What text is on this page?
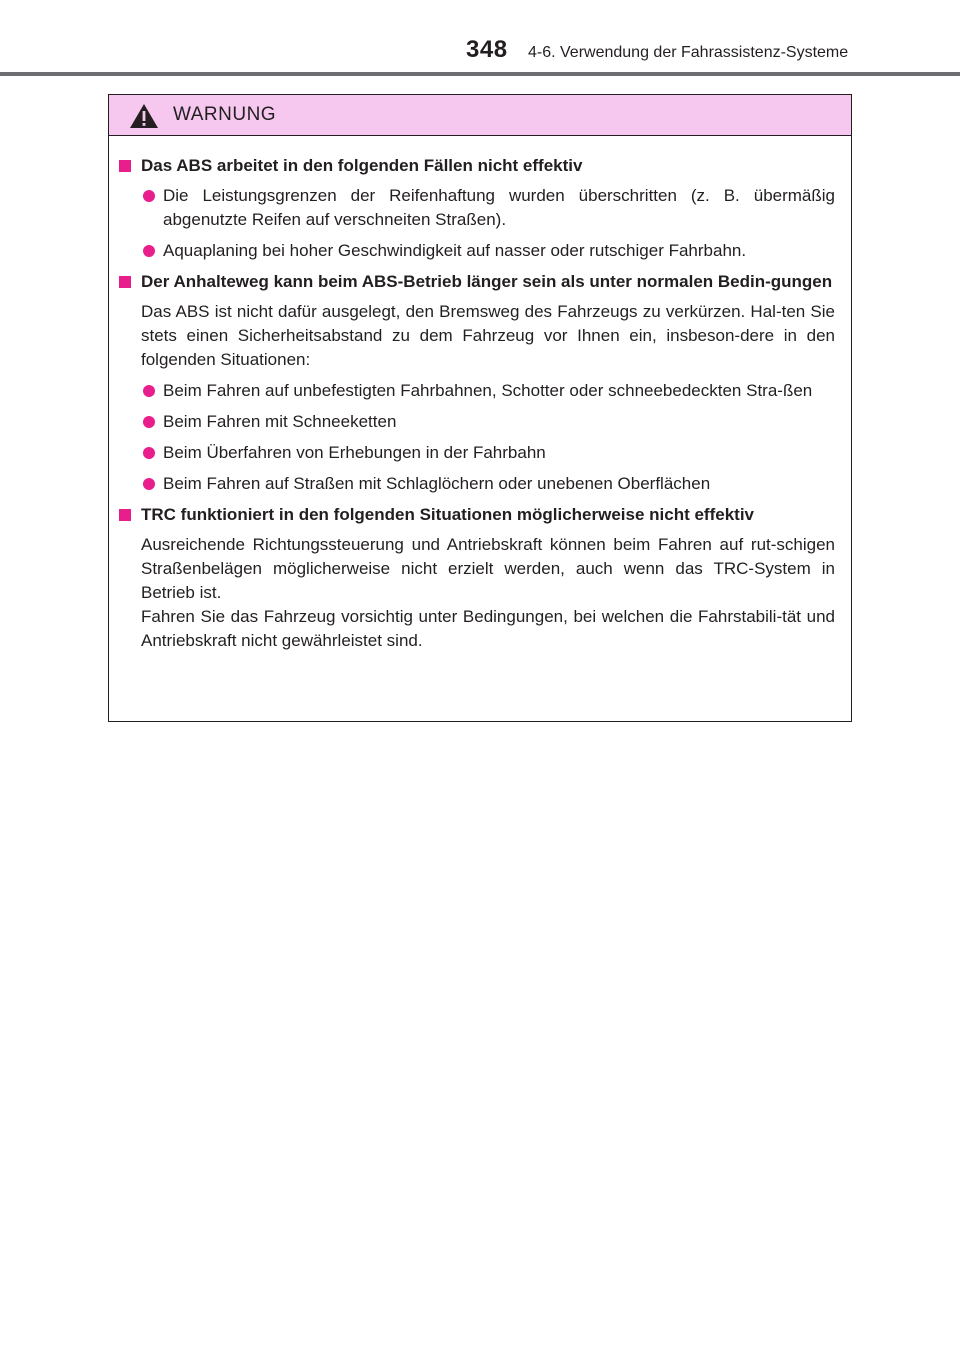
348 4-6. Verwendung der Fahrassistenz-Systeme
WARNUNG
Das ABS arbeitet in den folgenden Fällen nicht effektiv
Die Leistungsgrenzen der Reifenhaftung wurden überschritten (z. B. übermäßig abgenutzte Reifen auf verschneiten Straßen).
Aquaplaning bei hoher Geschwindigkeit auf nasser oder rutschiger Fahrbahn.
Der Anhalteweg kann beim ABS-Betrieb länger sein als unter normalen Bedin-gungen
Das ABS ist nicht dafür ausgelegt, den Bremsweg des Fahrzeugs zu verkürzen. Hal-ten Sie stets einen Sicherheitsabstand zu dem Fahrzeug vor Ihnen ein, insbeson-dere in den folgenden Situationen:
Beim Fahren auf unbefestigten Fahrbahnen, Schotter oder schneebedeckten Stra-ßen
Beim Fahren mit Schneeketten
Beim Überfahren von Erhebungen in der Fahrbahn
Beim Fahren auf Straßen mit Schlaglöchern oder unebenen Oberflächen
TRC funktioniert in den folgenden Situationen möglicherweise nicht effektiv
Ausreichende Richtungssteuerung und Antriebskraft können beim Fahren auf rut-schigen Straßenbelägen möglicherweise nicht erzielt werden, auch wenn das TRC-System in Betrieb ist.
Fahren Sie das Fahrzeug vorsichtig unter Bedingungen, bei welchen die Fahrstabili-tät und Antriebskraft nicht gewährleistet sind.
